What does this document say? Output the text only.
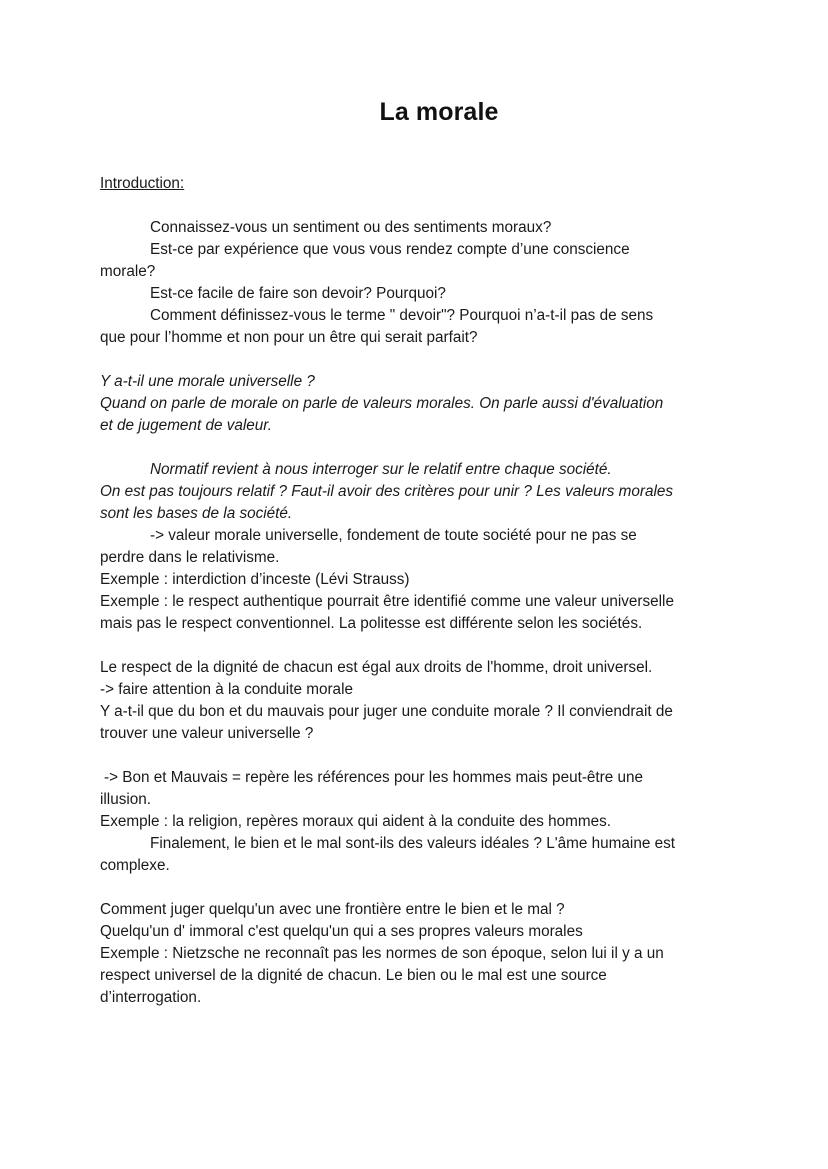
La morale
Introduction:
Connaissez-vous un sentiment ou des sentiments moraux?
Est-ce par expérience que vous vous rendez compte d’une conscience
morale?
Est-ce facile de faire son devoir? Pourquoi?
Comment définissez-vous le terme " devoir"? Pourquoi n’a-t-il pas de sens
que pour l’homme et non pour un être qui serait parfait?
Y a-t-il une morale universelle ?
Quand on parle de morale on parle de valeurs morales. On parle aussi d'évaluation
et de jugement de valeur.
Normatif revient à nous interroger sur le relatif entre chaque société.
On est pas toujours relatif ? Faut-il avoir des critères pour unir ? Les valeurs morales
sont les bases de la société.
-> valeur morale universelle, fondement de toute société pour ne pas se
perdre dans le relativisme.
Exemple : interdiction d’inceste (Lévi Strauss)
Exemple : le respect authentique pourrait être identifié comme une valeur universelle
mais pas le respect conventionnel. La politesse est différente selon les sociétés.
Le respect de la dignité de chacun est égal aux droits de l'homme, droit universel.
-> faire attention à la conduite morale
Y a-t-il que du bon et du mauvais pour juger une conduite morale ? Il conviendrait de
trouver une valeur universelle ?
-> Bon et Mauvais = repère les références pour les hommes mais peut-être une
illusion.
Exemple : la religion, repères moraux qui aident à la conduite des hommes.
Finalement, le bien et le mal sont-ils des valeurs idéales ? L'âme humaine est
complexe.
Comment juger quelqu'un avec une frontière entre le bien et le mal ?
Quelqu'un d' immoral c'est quelqu'un qui a ses propres valeurs morales
Exemple : Nietzsche ne reconnaît pas les normes de son époque, selon lui il y a un
respect universel de la dignité de chacun. Le bien ou le mal est une source
d’interrogation.
